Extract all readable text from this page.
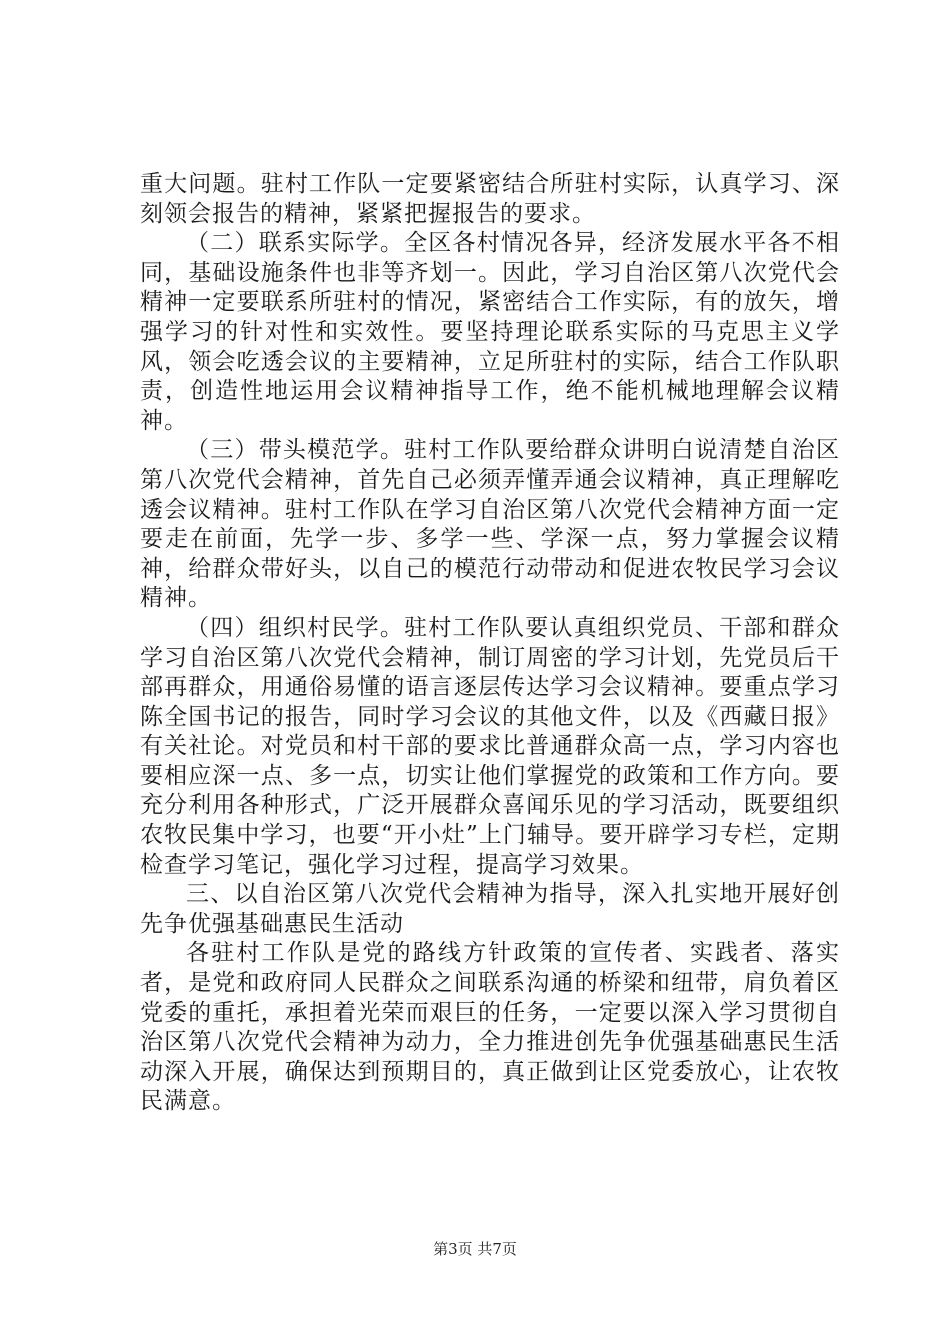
重大问题。驻村工作队一定要紧密结合所驻村实际，认真学习、深刻领会报告的精神，紧紧把握报告的要求。

（二）联系实际学。全区各村情况各异，经济发展水平各不相同，基础设施条件也非等齐划一。因此，学习自治区第八次党代会精神一定要联系所驻村的情况，紧密结合工作实际，有的放矢，增强学习的针对性和实效性。要坚持理论联系实际的马克思主义学风，领会吃透会议的主要精神，立足所驻村的实际，结合工作队职责，创造性地运用会议精神指导工作，绝不能机械地理解会议精神。

（三）带头模范学。驻村工作队要给群众讲明白说清楚自治区第八次党代会精神，首先自己必须弄懂弄通会议精神，真正理解吃透会议精神。驻村工作队在学习自治区第八次党代会精神方面一定要走在前面，先学一步、多学一些、学深一点，努力掌握会议精神，给群众带好头，以自己的模范行动带动和促进农牧民学习会议精神。

（四）组织村民学。驻村工作队要认真组织党员、干部和群众学习自治区第八次党代会精神，制订周密的学习计划，先党员后干部再群众，用通俗易懂的语言逐层传达学习会议精神。要重点学习陈全国书记的报告，同时学习会议的其他文件，以及《西藏日报》有关社论。对党员和村干部的要求比普通群众高一点，学习内容也要相应深一点、多一点，切实让他们掌握党的政策和工作方向。要充分利用各种形式，广泛开展群众喜闻乐见的学习活动，既要组织农牧民集中学习，也要“开小灶”上门辅导。要开辟学习专栏，定期检查学习笔记，强化学习过程，提高学习效果。

三、以自治区第八次党代会精神为指导，深入扎实地开展好创先争优强基础惠民生活动

各驻村工作队是党的路线方针政策的宣传者、实践者、落实者，是党和政府同人民群众之间联系沟通的桥梁和纽带，肩负着区党委的重托，承担着光荣而艰巨的任务，一定要以深入学习贯彻自治区第八次党代会精神为动力，全力推进创先争优强基础惠民生活动深入开展，确保达到预期目的，真正做到让区党委放心，让农牧民满意。

第3页 共7页
